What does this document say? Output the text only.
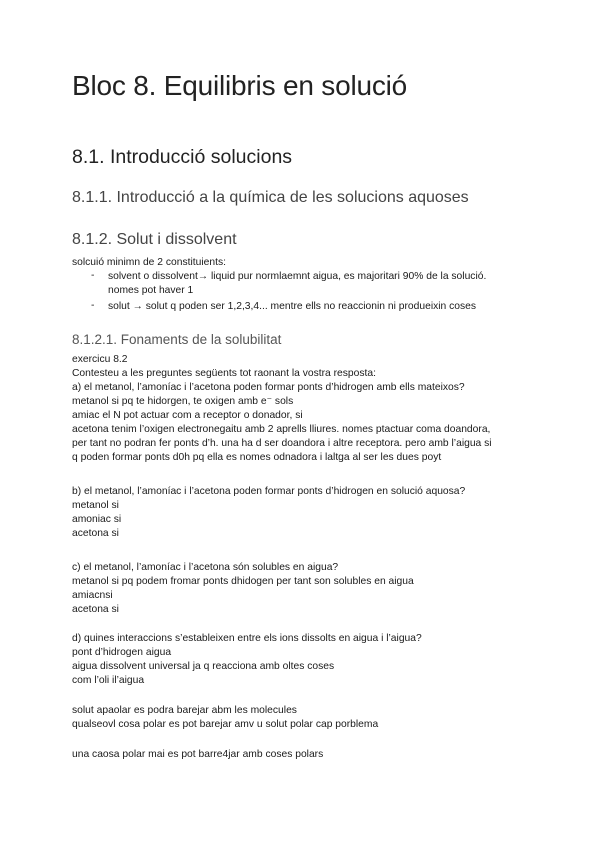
Bloc 8. Equilibris en solució
8.1. Introducció solucions
8.1.1. Introducció a la química de les solucions aquoses
8.1.2. Solut i dissolvent

solcuió minimn de 2 constituients:

- solvent o dissolvent→ liquid pur normlaemnt aigua, es majoritari 90% de la solució.

nomes pot haver 1

- solut → solut q poden ser 1,2,3,4... mentre ells no reaccionin ni produeixin coses

8.1.2.1. Fonaments de la solubilitat

exercicu 8.2

Contesteu a les preguntes següents tot raonant la vostra resposta:

a) el metanol, l’amoníac i l’acetona poden formar ponts d’hidrogen amb ells mateixos?

metanol si pq te hidorgen, te oxigen amb e⁻ sols

amiac el N pot actuar com a receptor o donador, si

acetona tenim l’oxigen electronegaitu amb 2 aprells lliures. nomes ptactuar coma doandora,

per tant no podran fer ponts d’h. una ha d ser doandora i altre receptora. pero amb l’aigua si

q poden formar ponts d0h pq ella es nomes odnadora i laltga al ser les dues poyt

b) el metanol, l’amoníac i l’acetona poden formar ponts d’hidrogen en solució aquosa?

metanol si

amoniac si

acetona si

c) el metanol, l’amoníac i l’acetona són solubles en aigua?

metanol si pq podem fromar ponts dhidogen per tant son solubles en aigua

amiacnsi

acetona si

d) quines interaccions s’estableixen entre els ions dissolts en aigua i l’aigua?

pont d’hidrogen aigua

aigua dissolvent universal ja q reacciona amb oltes coses

com l’oli il’aigua

solut apaolar es podra barejar abm les molecules

qualseovl cosa polar es pot barejar amv u solut polar cap porblema

una caosa polar mai es pot barre4jar amb coses polars
